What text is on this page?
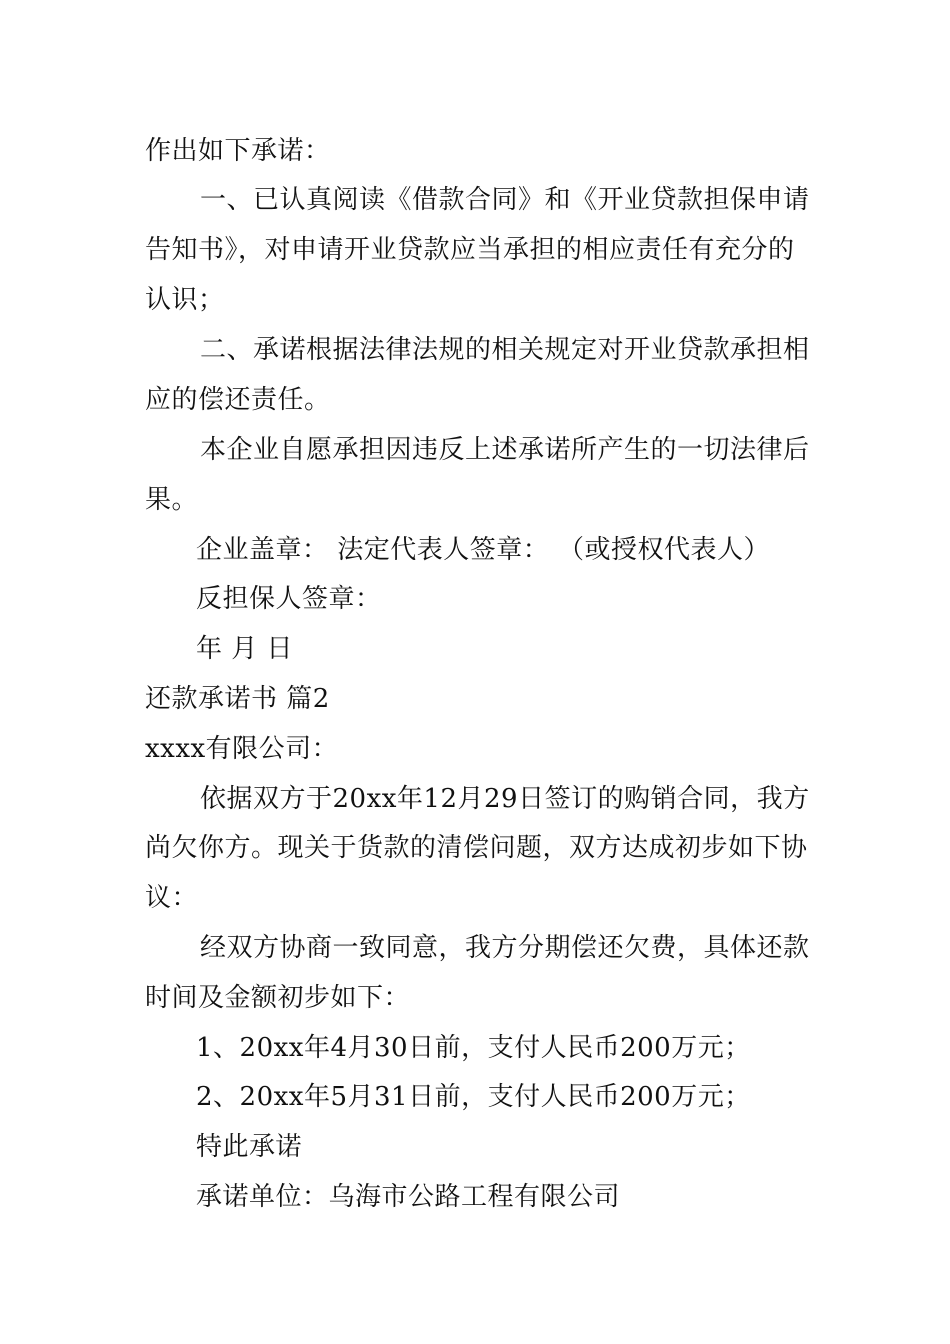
作出如下承诺：
一、已认真阅读《借款合同》和《开业贷款担保申请
告知书》，对申请开业贷款应当承担的相应责任有充分的
认识；
二、承诺根据法律法规的相关规定对开业贷款承担相
应的偿还责任。
本企业自愿承担因违反上述承诺所产生的一切法律后
果。
企业盖章： 法定代表人签章： （或授权代表人）
反担保人签章：
年 月 日
还款承诺书 篇2
xxxx有限公司：
依据双方于20xx年12月29日签订的购销合同，我方
尚欠你方。现关于货款的清偿问题，双方达成初步如下协
议：
经双方协商一致同意，我方分期偿还欠费，具体还款
时间及金额初步如下：
1、20xx年4月30日前，支付人民币200万元；
2、20xx年5月31日前，支付人民币200万元；
特此承诺
承诺单位：乌海市公路工程有限公司
